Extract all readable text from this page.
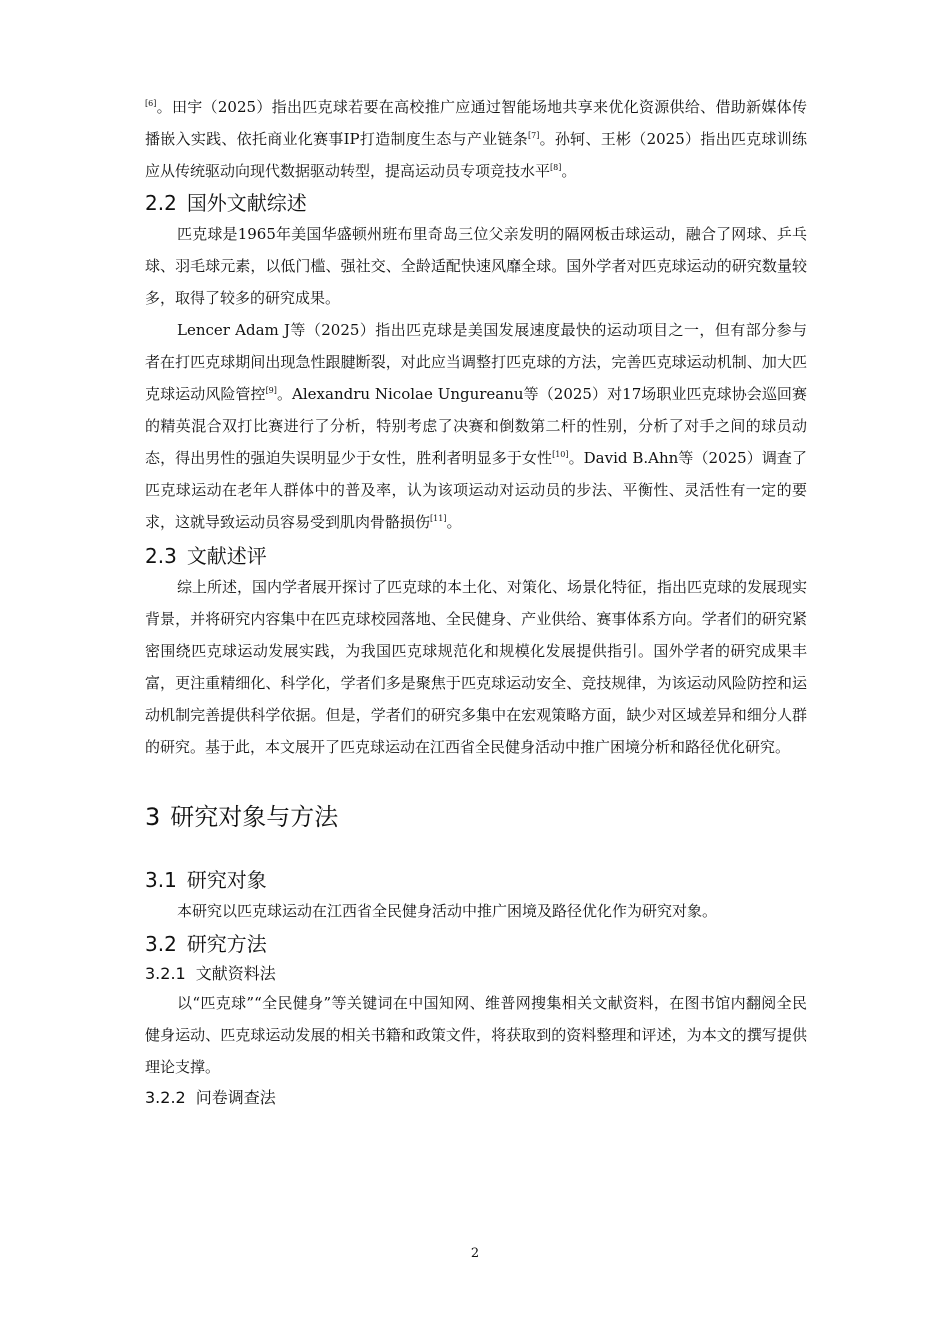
[6]。田宇（2025）指出匹克球若要在高校推广应通过智能场地共享来优化资源供给、借助新媒体传播嵌入实践、依托商业化赛事IP打造制度生态与产业链条[7]。孙轲、王彬（2025）指出匹克球训练应从传统驱动向现代数据驱动转型，提高运动员专项竞技水平[8]。

2.2 国外文献综述

匹克球是1965年美国华盛顿州班布里奇岛三位父亲发明的隔网板击球运动，融合了网球、乒乓球、羽毛球元素，以低门槛、强社交、全龄适配快速风靡全球。国外学者对匹克球运动的研究数量较多，取得了较多的研究成果。

Lencer Adam J等（2025）指出匹克球是美国发展速度最快的运动项目之一，但有部分参与者在打匹克球期间出现急性跟腱断裂，对此应当调整打匹克球的方法，完善匹克球运动机制、加大匹克球运动风险管控[9]。Alexandru Nicolae Ungureanu等（2025）对17场职业匹克球协会巡回赛的精英混合双打比赛进行了分析，特别考虑了决赛和倒数第二杆的性别，分析了对手之间的球员动态，得出男性的强迫失误明显少于女性，胜利者明显多于女性[10]。David B.Ahn等（2025）调查了匹克球运动在老年人群体中的普及率，认为该项运动对运动员的步法、平衡性、灵活性有一定的要求，这就导致运动员容易受到肌肉骨骼损伤[11]。

2.3 文献述评

综上所述，国内学者展开探讨了匹克球的本土化、对策化、场景化特征，指出匹克球的发展现实背景，并将研究内容集中在匹克球校园落地、全民健身、产业供给、赛事体系方向。学者们的研究紧密围绕匹克球运动发展实践，为我国匹克球规范化和规模化发展提供指引。国外学者的研究成果丰富，更注重精细化、科学化，学者们多是聚焦于匹克球运动安全、竞技规律，为该运动风险防控和运动机制完善提供科学依据。但是，学者们的研究多集中在宏观策略方面，缺少对区域差异和细分人群的研究。基于此，本文展开了匹克球运动在江西省全民健身活动中推广困境分析和路径优化研究。

3 研究对象与方法
3.1 研究对象

本研究以匹克球运动在江西省全民健身活动中推广困境及路径优化作为研究对象。

3.2 研究方法
3.2.1 文献资料法

以“匹克球”“全民健身”等关键词在中国知网、维普网搜集相关文献资料，在图书馆内翻阅全民健身运动、匹克球运动发展的相关书籍和政策文件，将获取到的资料整理和评述，为本文的撰写提供理论支撑。

3.2.2 问卷调查法
2
